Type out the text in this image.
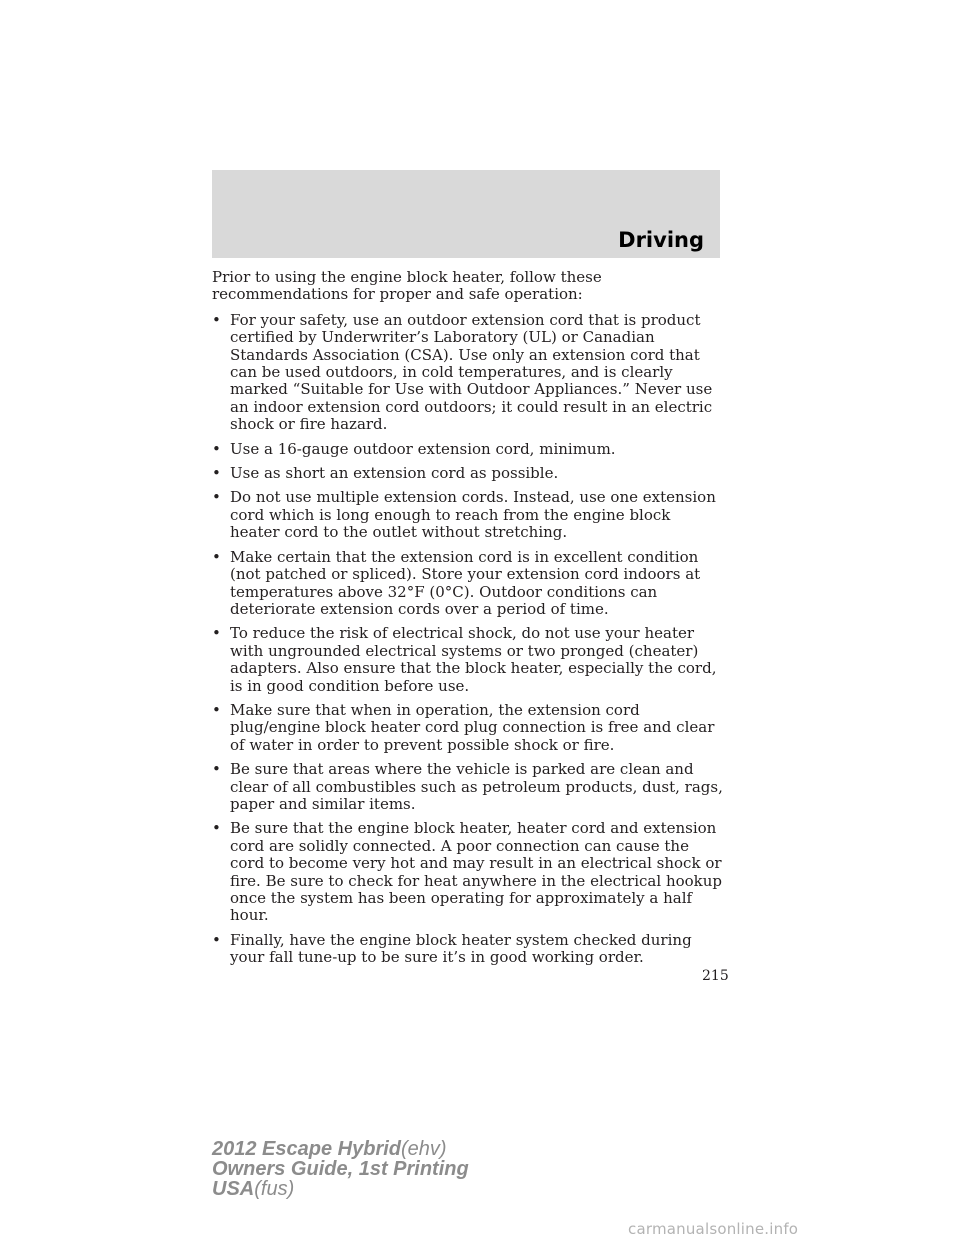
Driving

Prior to using the engine block heater, follow these recommendations for proper and safe operation:

• For your safety, use an outdoor extension cord that is product certified by Underwriter’s Laboratory (UL) or Canadian Standards Association (CSA). Use only an extension cord that can be used outdoors, in cold temperatures, and is clearly marked “Suitable for Use with Outdoor Appliances.” Never use an indoor extension cord outdoors; it could result in an electric shock or fire hazard.
• Use a 16-gauge outdoor extension cord, minimum.
• Use as short an extension cord as possible.
• Do not use multiple extension cords. Instead, use one extension cord which is long enough to reach from the engine block heater cord to the outlet without stretching.
• Make certain that the extension cord is in excellent condition (not patched or spliced). Store your extension cord indoors at temperatures above 32°F (0°C). Outdoor conditions can deteriorate extension cords over a period of time.
• To reduce the risk of electrical shock, do not use your heater with ungrounded electrical systems or two pronged (cheater) adapters. Also ensure that the block heater, especially the cord, is in good condition before use.
• Make sure that when in operation, the extension cord plug/engine block heater cord plug connection is free and clear of water in order to prevent possible shock or fire.
• Be sure that areas where the vehicle is parked are clean and clear of all combustibles such as petroleum products, dust, rags, paper and similar items.
• Be sure that the engine block heater, heater cord and extension cord are solidly connected. A poor connection can cause the cord to become very hot and may result in an electrical shock or fire. Be sure to check for heat anywhere in the electrical hookup once the system has been operating for approximately a half hour.
• Finally, have the engine block heater system checked during your fall tune-up to be sure it’s in good working order.
215
2012 Escape Hybrid(ehv)
Owners Guide, 1st Printing
USA(fus)
carmanualsonline.info
